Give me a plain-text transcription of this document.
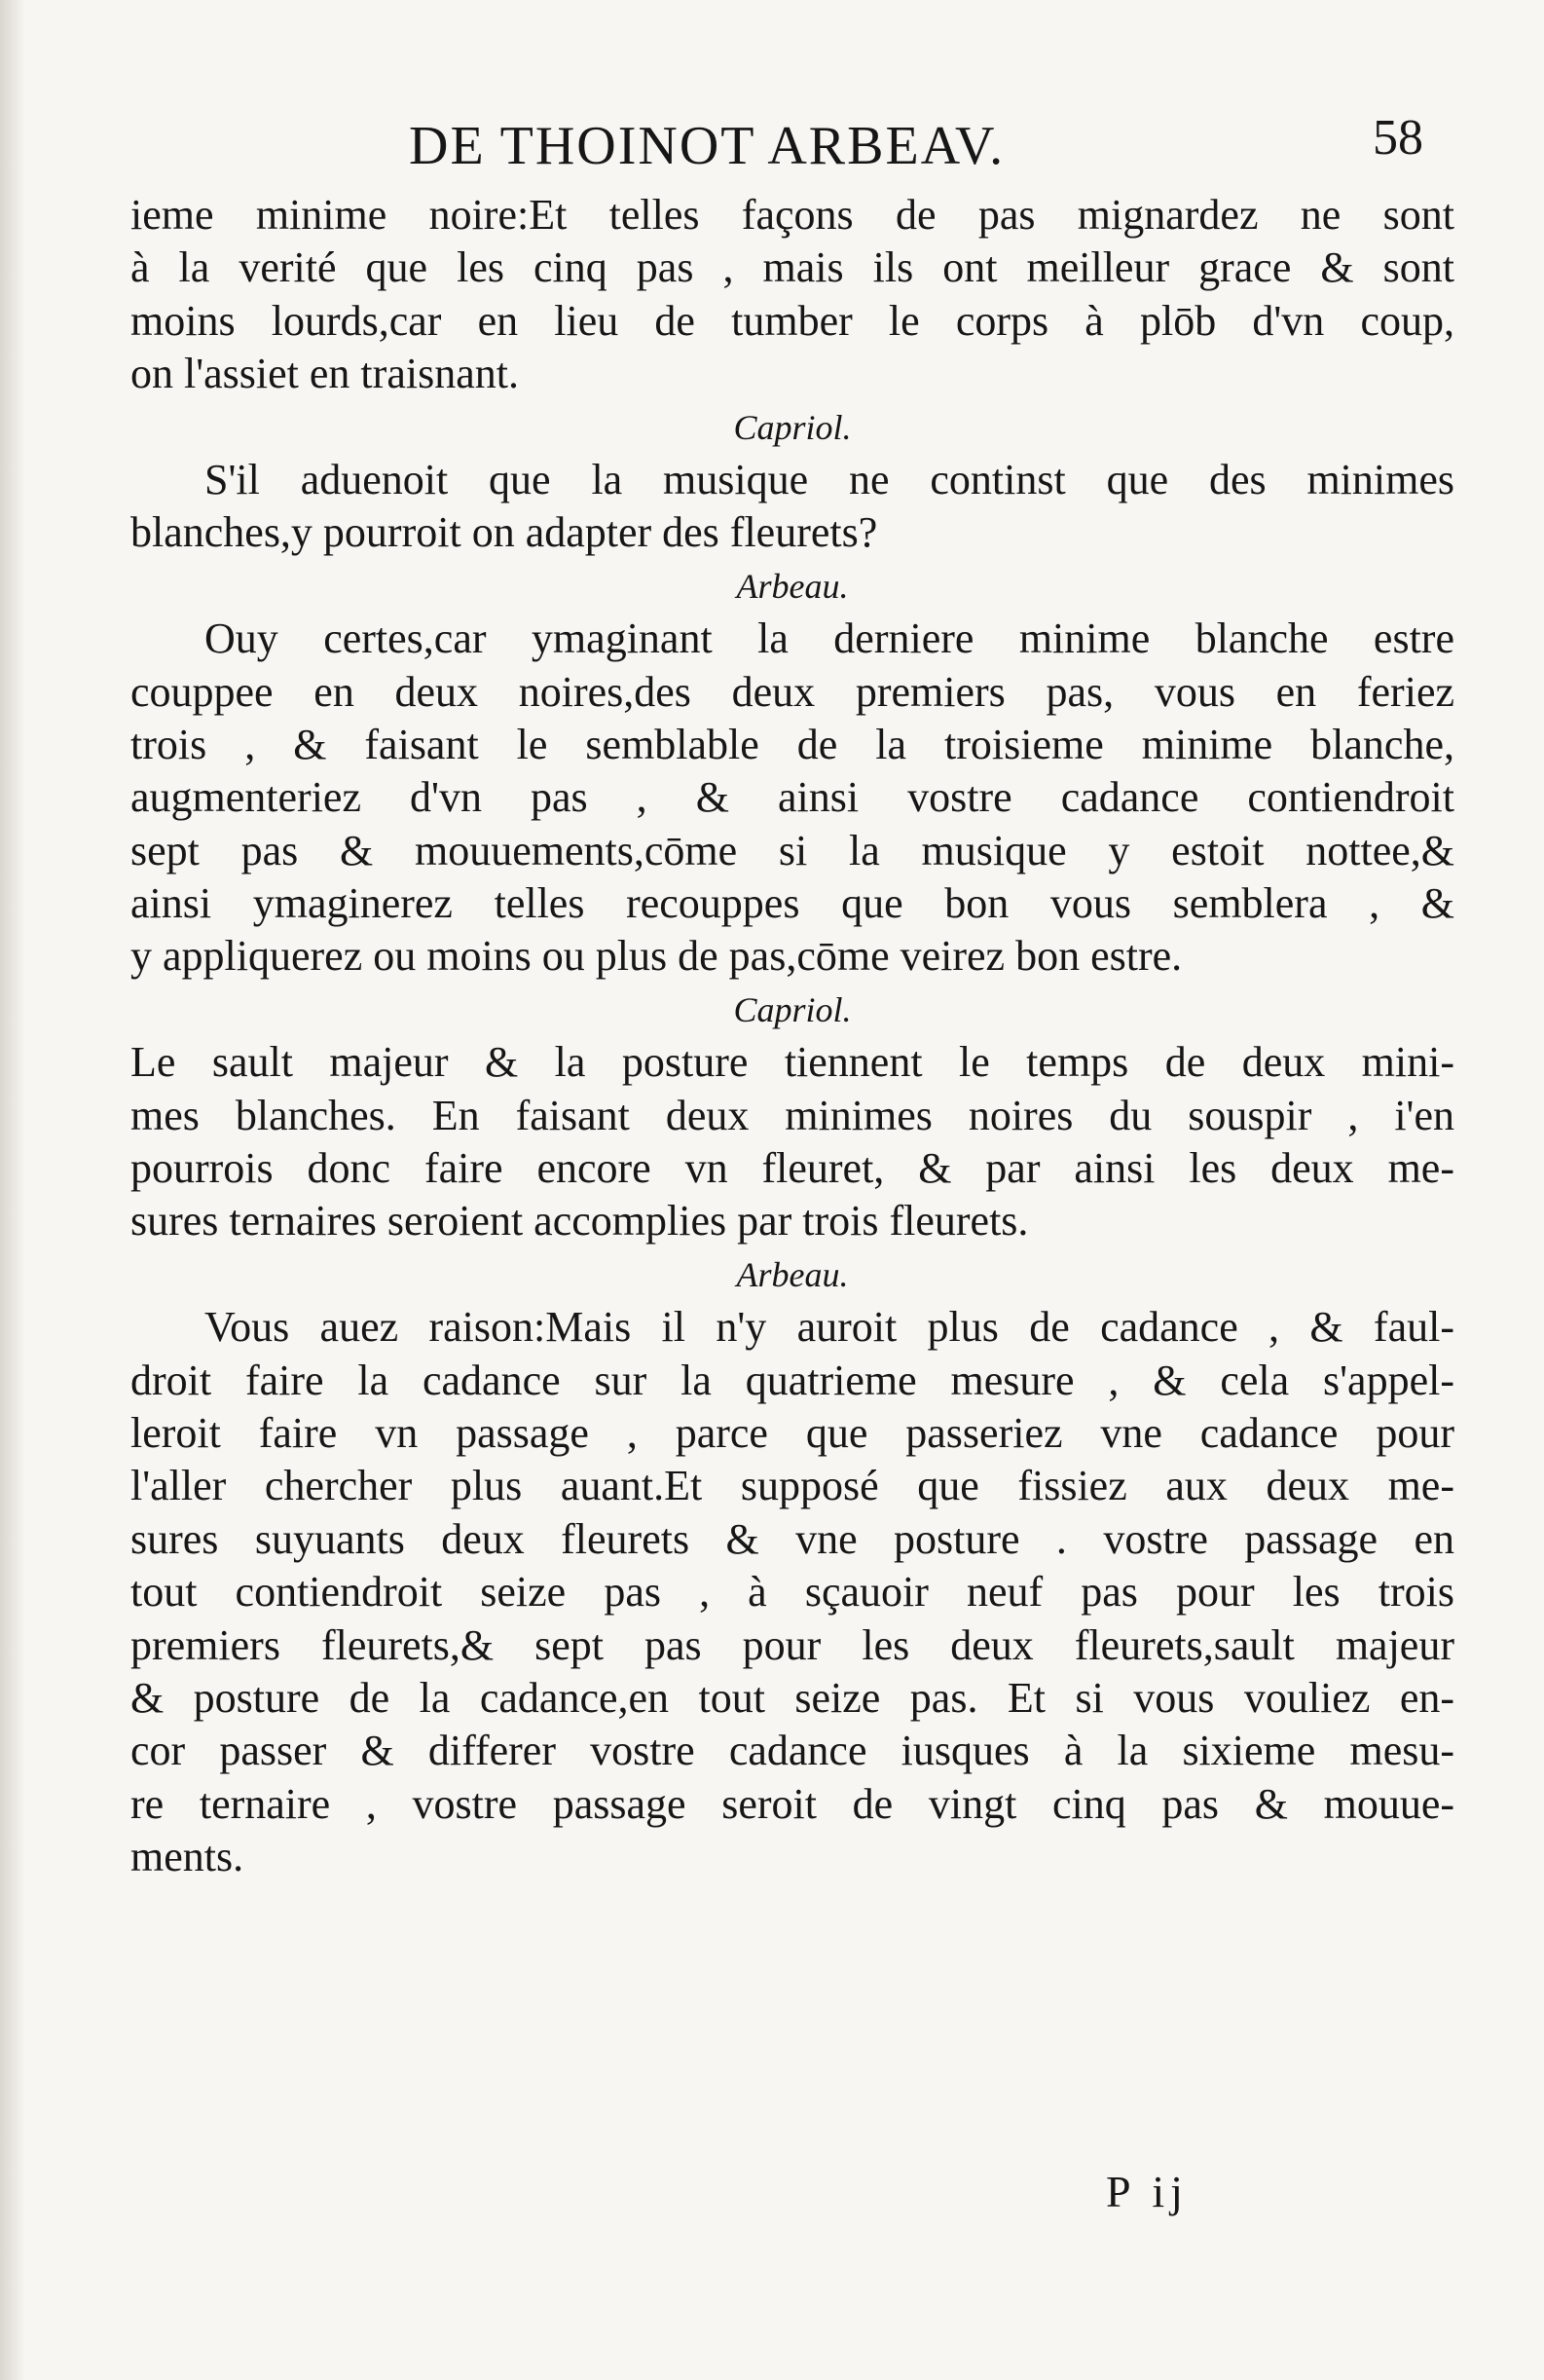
DE THOINOT ARBEAV.	58
ieme minime noire:Et telles façons de pas mignardez ne sont
à la verité que les cinq pas , mais ils ont meilleur grace & sont
moins lourds,car en lieu de tumber le corps à plōb d'vn coup,
on l'assiet en traisnant.
Capriol.
S'il aduenoit que la musique ne continst que des minimes
blanches,y pourroit on adapter des fleurets?
Arbeau.
Ouy certes,car ymaginant la derniere minime blanche estre
couppee en deux noires,des deux premiers pas, vous en feriez
trois , & faisant le semblable de la troisieme minime blanche,
augmenteriez d'vn pas , & ainsi vostre cadance contiendroit
sept pas & mouuements,cōme si la musique y estoit nottee,&
ainsi ymaginerez telles recouppes que bon vous semblera , &
y appliquerez ou moins ou plus de pas,cōme veirez bon estre.
Capriol.
Le sault majeur & la posture tiennent le temps de deux mini-
mes blanches. En faisant deux minimes noires du souspir , i'en
pourrois donc faire encore vn fleuret, & par ainsi les deux me-
sures ternaires seroient accomplies par trois fleurets.
Arbeau.
Vous auez raison:Mais il n'y auroit plus de cadance , & faul-
droit faire la cadance sur la quatrieme mesure , & cela s'appel-
leroit faire vn passage , parce que passeriez vne cadance pour
l'aller chercher plus auant.Et supposé que fissiez aux deux me-
sures suyuants deux fleurets & vne posture . vostre passage en
tout contiendroit seize pas , à sçauoir neuf pas pour les trois
premiers fleurets,& sept pas pour les deux fleurets,sault majeur
& posture de la cadance,en tout seize pas. Et si vous vouliez en-
cor passer & differer vostre cadance iusques à la sixieme mesu-
re ternaire , vostre passage seroit de vingt cinq pas & mouue-
ments.
P ij
